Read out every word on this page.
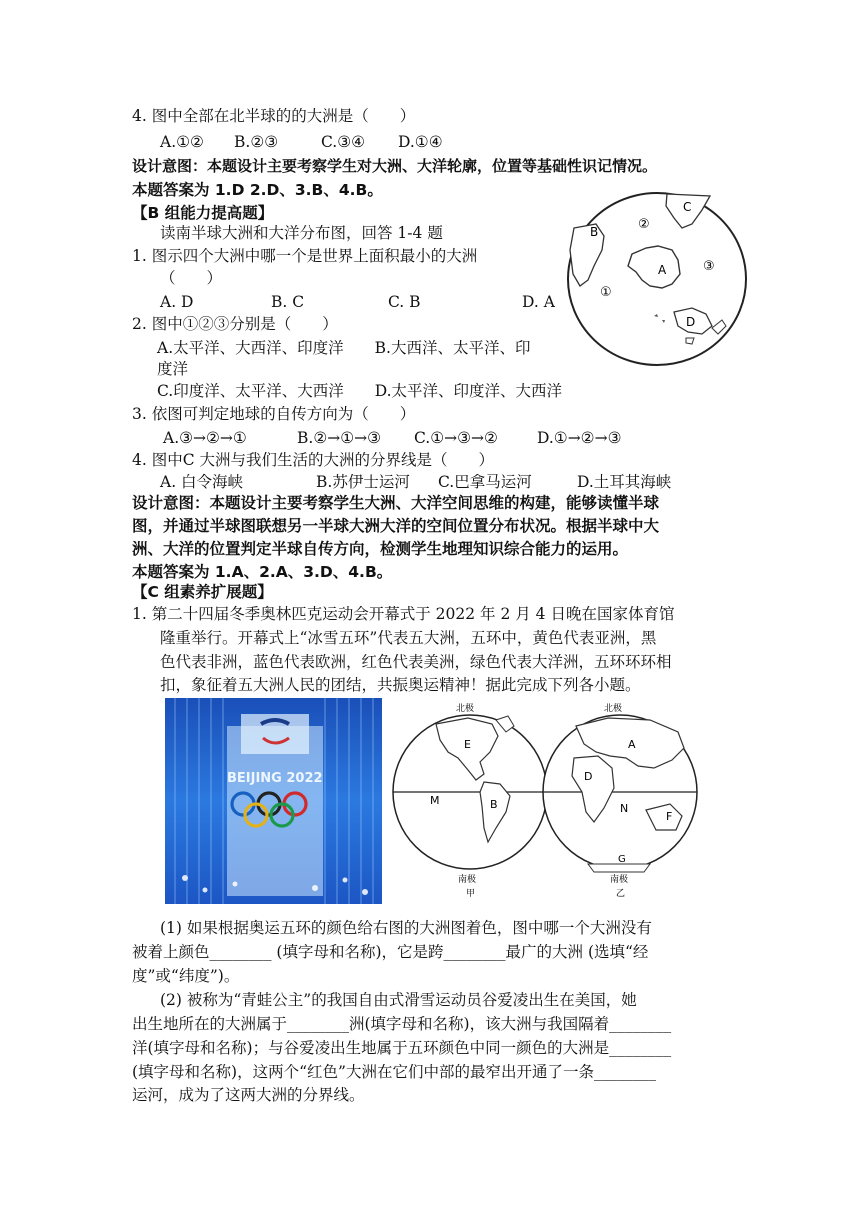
4. 图中全部在北半球的的大洲是（　　）
A.①② B.②③	C.③④ D.①④
设计意图：本题设计主要考察学生对大洲、大洋轮廓，位置等基础性识记情况。
本题答案为 1.D 2.D、3.B、4.B。
【B 组能力提高题】
读南半球大洲和大洋分布图，回答 1-4 题
1. 图示四个大洲中哪一个是世界上面积最小的大洲
（　　）
A. D	B. C	C. B	D. A
2. 图中①②③分别是（　　）
A.太平洋、大西洋、印度洋　　B.大西洋、太平洋、印
度洋
C.印度洋、太平洋、大西洋　　D.太平洋、印度洋、大西洋
3. 依图可判定地球的自传方向为（　　）
A.③→②→①	B.②→①→③ C.①→③→②	D.①→②→③
4. 图中C 大洲与我们生活的大洲的分界线是（　　）
A. 白令海峡	B.苏伊士运河 C.巴拿马运河	D.土耳其海峡
C
②
B
A	③
①
D
设计意图：本题设计主要考察学生大洲、大洋空间思维的构建，能够读懂半球
图，并通过半球图联想另一半球大洲大洋的空间位置分布状况。根据半球中大
洲、大洋的位置判定半球自传方向，检测学生地理知识综合能力的运用。
本题答案为 1.A、2.A、3.D、4.B。
【C 组素养扩展题】
1. 第二十四届冬季奥林匹克运动会开幕式于 2022 年 2 月 4 日晚在国家体育馆
隆重举行。开幕式上“冰雪五环”代表五大洲，五环中，黄色代表亚洲，黑
色代表非洲，蓝色代表欧洲，红色代表美洲，绿色代表大洋洲，五环环环相
扣，象征着五大洲人民的团结，共振奥运精神！据此完成下列各小题。
BEIJING 2022
北极
E
M	B
南极
甲
北极
A
D
N
F
G
南极
乙
(1) 如果根据奥运五环的颜色给右图的大洲图着色，图中哪一个大洲没有
被着上颜色________ (填字母和名称)，它是跨________最广的大洲 (选填“经
度”或“纬度”)。
(2) 被称为“青蛙公主”的我国自由式滑雪运动员谷爱凌出生在美国，她
出生地所在的大洲属于________洲(填字母和名称)，该大洲与我国隔着________
洋(填字母和名称)；与谷爱凌出生地属于五环颜色中同一颜色的大洲是________
(填字母和名称)，这两个“红色”大洲在它们中部的最窄出开通了一条________
运河，成为了这两大洲的分界线。
